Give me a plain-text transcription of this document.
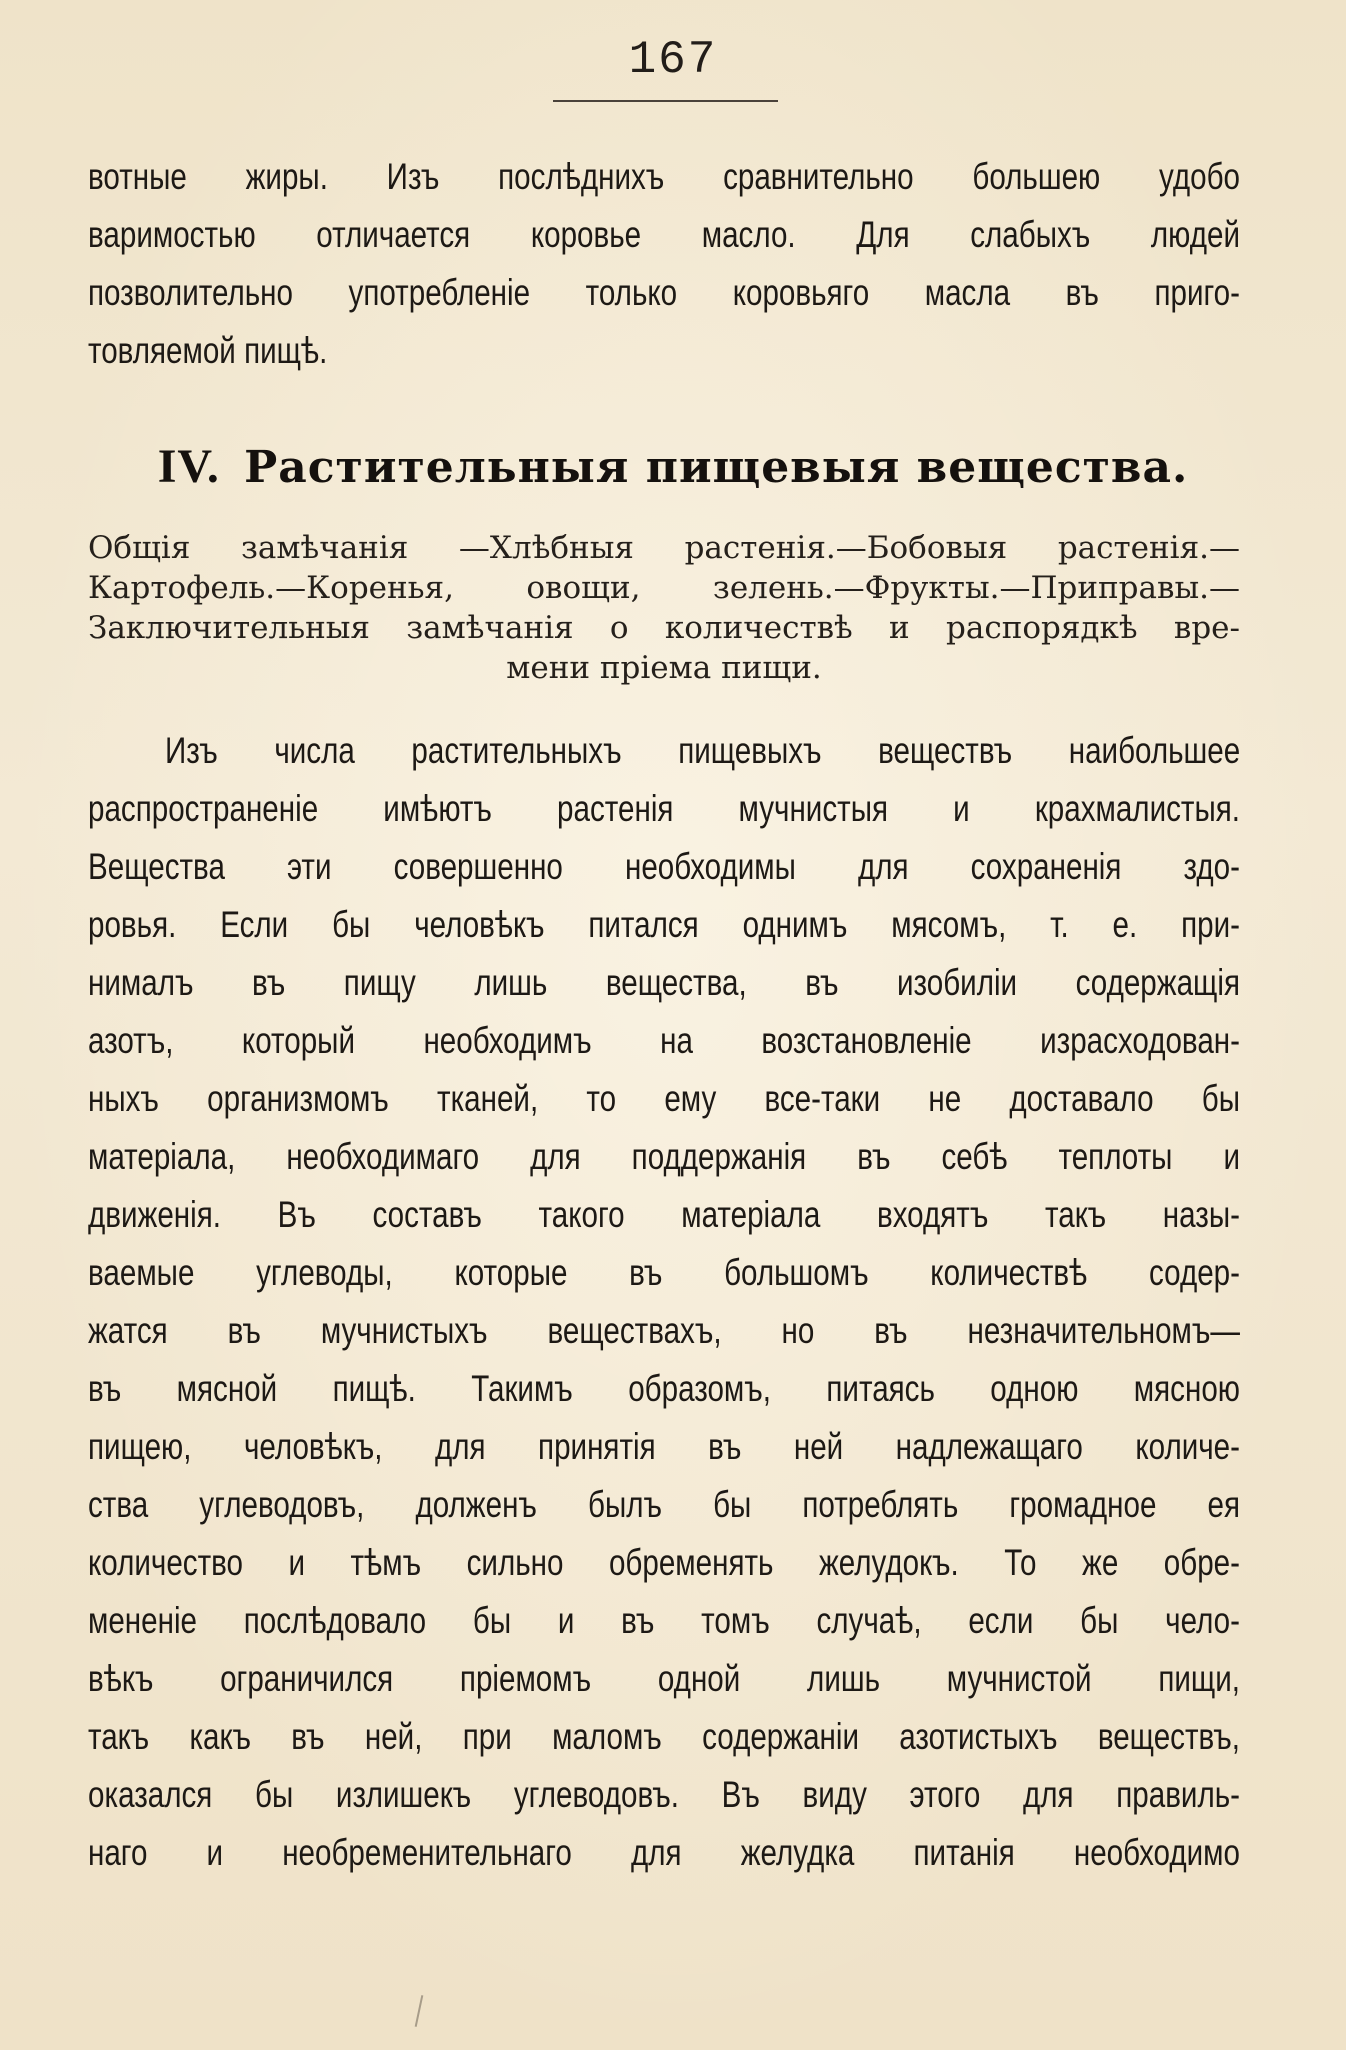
167
вотные жиры. Изъ послѣднихъ сравнительно большею удобо
варимостью отличается коровье масло. Для слабыхъ людей
позволительно употребленіе только коровьяго масла въ приго-
товляемой пищѣ.
IV. Растительныя пищевыя вещества.
Общія замѣчанія —Хлѣбныя растенія.—Бобовыя растенія.—
Картофель.—Коренья, овощи, зелень.—Фрукты.—Приправы.—
Заключительныя замѣчанія о количествѣ и распорядкѣ вре-
мени пріема пищи.
Изъ числа растительныхъ пищевыхъ веществъ наибольшее
распространеніе имѣютъ растенія мучнистыя и крахмалистыя.
Вещества эти совершенно необходимы для сохраненія здо-
ровья. Если бы человѣкъ питался однимъ мясомъ, т. е. при-
нималъ въ пищу лишь вещества, въ изобиліи содержащія
азотъ, который необходимъ на возстановленіе израсходован-
ныхъ организмомъ тканей, то ему все-таки не доставало бы
матеріала, необходимаго для поддержанія въ себѣ теплоты и
движенія. Въ составъ такого матеріала входятъ такъ назы-
ваемые углеводы, которые въ большомъ количествѣ содер-
жатся въ мучнистыхъ веществахъ, но въ незначительномъ—
въ мясной пищѣ. Такимъ образомъ, питаясь одною мясною
пищею, человѣкъ, для принятія въ ней надлежащаго количе-
ства углеводовъ, долженъ былъ бы потреблять громадное ея
количество и тѣмъ сильно обременять желудокъ. То же обре-
мененіе послѣдовало бы и въ томъ случаѣ, если бы чело-
вѣкъ ограничился пріемомъ одной лишь мучнистой пищи,
такъ какъ въ ней, при маломъ содержаніи азотистыхъ веществъ,
оказался бы излишекъ углеводовъ. Въ виду этого для правиль-
наго и необременительнаго для желудка питанія необходимо
